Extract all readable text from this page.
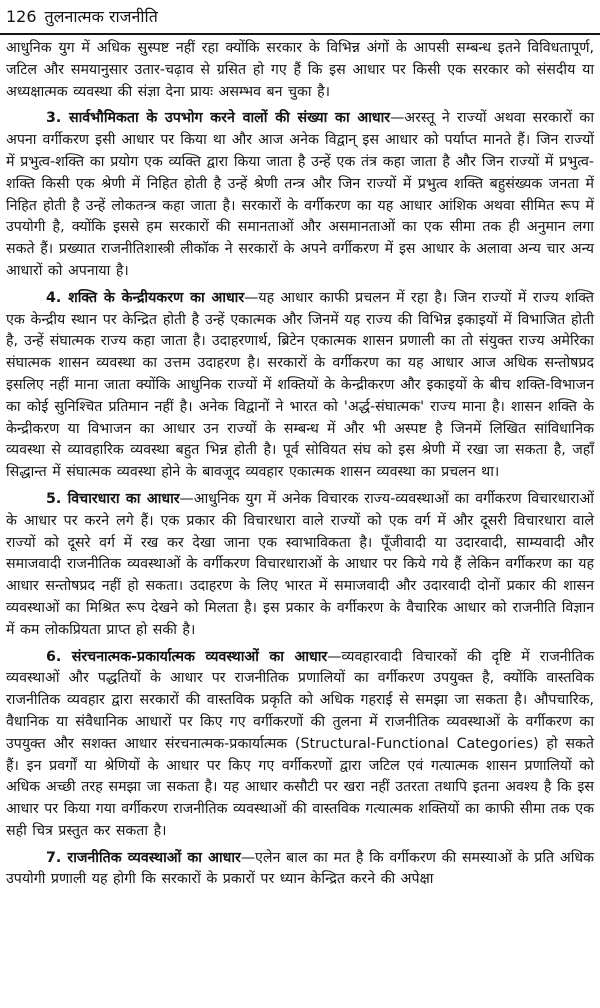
126 तुलनात्मक राजनीति

आधुनिक युग में अधिक सुस्पष्ट नहीं रहा क्योंकि सरकार के विभिन्न अंगों के आपसी सम्बन्ध इतने विविधतापूर्ण, जटिल और समयानुसार उतार-चढ़ाव से ग्रसित हो गए हैं कि इस आधार पर किसी एक सरकार को संसदीय या अध्यक्षात्मक व्यवस्था की संज्ञा देना प्रायः असम्भव बन चुका है।

3. सार्वभौमिकता के उपभोग करने वालों की संख्या का आधार—अरस्तू ने राज्यों अथवा सरकारों का अपना वर्गीकरण इसी आधार पर किया था और आज अनेक विद्वान् इस आधार को पर्याप्त मानते हैं। जिन राज्यों में प्रभुत्व-शक्ति का प्रयोग एक व्यक्ति द्वारा किया जाता है उन्हें एक तंत्र कहा जाता है और जिन राज्यों में प्रभुत्व-शक्ति किसी एक श्रेणी में निहित होती है उन्हें श्रेणी तन्त्र और जिन राज्यों में प्रभुत्व शक्ति बहुसंख्यक जनता में निहित होती है उन्हें लोकतन्त्र कहा जाता है। सरकारों के वर्गीकरण का यह आधार आंशिक अथवा सीमित रूप में उपयोगी है, क्योंकि इससे हम सरकारों की समानताओं और असमानताओं का एक सीमा तक ही अनुमान लगा सकते हैं। प्रख्यात राजनीतिशास्त्री लीकॉक ने सरकारों के अपने वर्गीकरण में इस आधार के अलावा अन्य चार अन्य आधारों को अपनाया है।

4. शक्ति के केन्द्रीयकरण का आधार—यह आधार काफी प्रचलन में रहा है। जिन राज्यों में राज्य शक्ति एक केन्द्रीय स्थान पर केन्द्रित होती है उन्हें एकात्मक और जिनमें यह राज्य की विभिन्न इकाइयों में विभाजित होती है, उन्हें संघात्मक राज्य कहा जाता है। उदाहरणार्थ, ब्रिटेन एकात्मक शासन प्रणाली का तो संयुक्त राज्य अमेरिका संघात्मक शासन व्यवस्था का उत्तम उदाहरण है। सरकारों के वर्गीकरण का यह आधार आज अधिक सन्तोषप्रद इसलिए नहीं माना जाता क्योंकि आधुनिक राज्यों में शक्तियों के केन्द्रीकरण और इकाइयों के बीच शक्ति-विभाजन का कोई सुनिश्चित प्रतिमान नहीं है। अनेक विद्वानों ने भारत को 'अर्द्ध-संघात्मक' राज्य माना है। शासन शक्ति के केन्द्रीकरण या विभाजन का आधार उन राज्यों के सम्बन्ध में और भी अस्पष्ट है जिनमें लिखित सांविधानिक व्यवस्था से व्यावहारिक व्यवस्था बहुत भिन्न होती है। पूर्व सोवियत संघ को इस श्रेणी में रखा जा सकता है, जहाँ सिद्धान्त में संघात्मक व्यवस्था होने के बावजूद व्यवहार एकात्मक शासन व्यवस्था का प्रचलन था।

5. विचारधारा का आधार—आधुनिक युग में अनेक विचारक राज्य-व्यवस्थाओं का वर्गीकरण विचारधाराओं के आधार पर करने लगे हैं। एक प्रकार की विचारधारा वाले राज्यों को एक वर्ग में और दूसरी विचारधारा वाले राज्यों को दूसरे वर्ग में रख कर देखा जाना एक स्वाभाविकता है। पूँजीवादी या उदारवादी, साम्यवादी और समाजवादी राजनीतिक व्यवस्थाओं के वर्गीकरण विचारधाराओं के आधार पर किये गये हैं लेकिन वर्गीकरण का यह आधार सन्तोषप्रद नहीं हो सकता। उदाहरण के लिए भारत में समाजवादी और उदारवादी दोनों प्रकार की शासन व्यवस्थाओं का मिश्रित रूप देखने को मिलता है। इस प्रकार के वर्गीकरण के वैचारिक आधार को राजनीति विज्ञान में कम लोकप्रियता प्राप्त हो सकी है।

6. संरचनात्मक-प्रकार्यात्मक व्यवस्थाओं का आधार—व्यवहारवादी विचारकों की दृष्टि में राजनीतिक व्यवस्थाओं और पद्धतियों के आधार पर राजनीतिक प्रणालियों का वर्गीकरण उपयुक्त है, क्योंकि वास्तविक राजनीतिक व्यवहार द्वारा सरकारों की वास्तविक प्रकृति को अधिक गहराई से समझा जा सकता है। औपचारिक, वैधानिक या संवैधानिक आधारों पर किए गए वर्गीकरणों की तुलना में राजनीतिक व्यवस्थाओं के वर्गीकरण का उपयुक्त और सशक्त आधार संरचनात्मक-प्रकार्यात्मक (Structural-Functional Categories) हो सकते हैं। इन प्रवर्गों या श्रेणियों के आधार पर किए गए वर्गीकरणों द्वारा जटिल एवं गत्यात्मक शासन प्रणालियों को अधिक अच्छी तरह समझा जा सकता है। यह आधार कसौटी पर खरा नहीं उतरता तथापि इतना अवश्य है कि इस आधार पर किया गया वर्गीकरण राजनीतिक व्यवस्थाओं की वास्तविक गत्यात्मक शक्तियों का काफी सीमा तक एक सही चित्र प्रस्तुत कर सकता है।

7. राजनीतिक व्यवस्थाओं का आधार—एलेन बाल का मत है कि वर्गीकरण की समस्याओं के प्रति अधिक उपयोगी प्रणाली यह होगी कि सरकारों के प्रकारों पर ध्यान केन्द्रित करने की अपेक्षा
